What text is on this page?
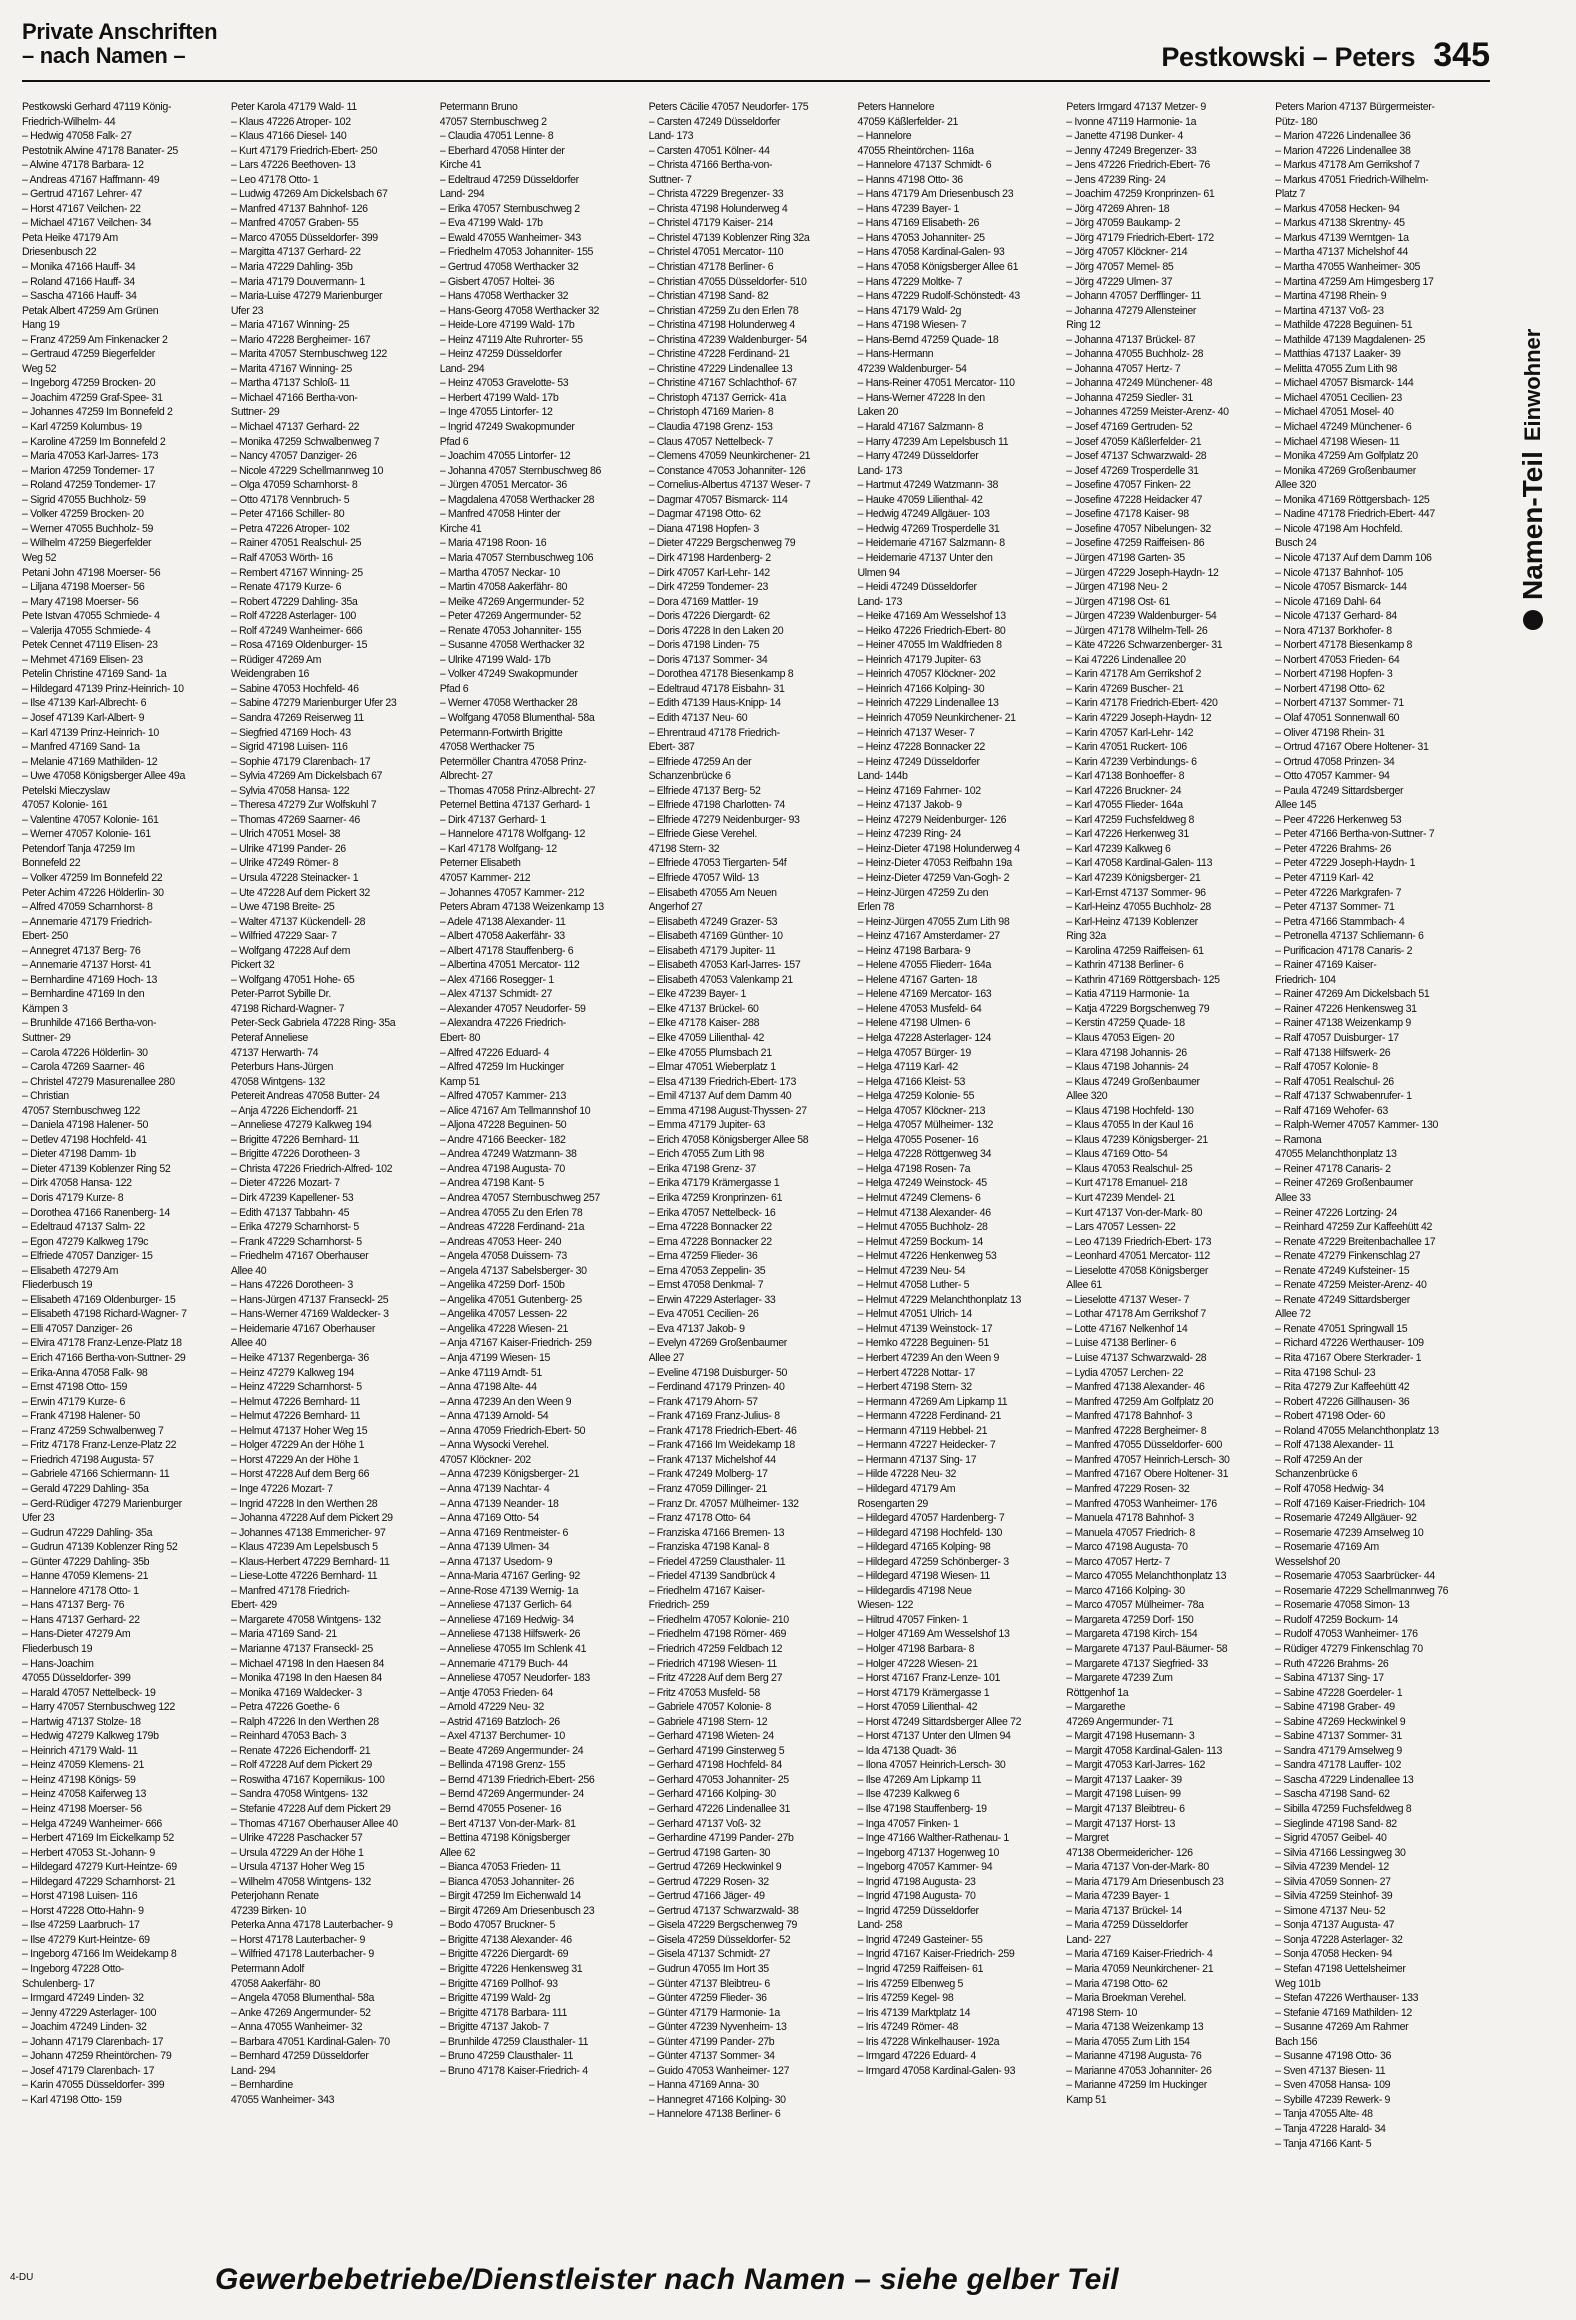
Private Anschriften
– nach Namen –	Pestkowski – Peters 345
Pestkowski Gerhard 47119 König-
Friedrich-Wilhelm- 44
– Hedwig 47058 Falk- 27
Pestotnik Alwine 47178 Banater- 25
– Alwine 47178 Barbara- 12
– Andreas 47167 Haffmann- 49
– Gertrud 47167 Lehrer- 47
– Horst 47167 Veilchen- 22
– Michael 47167 Veilchen- 34
Peta Heike 47179 Am
Driesenbusch 22
– Monika 47166 Hauff- 34
– Roland 47166 Hauff- 34
– Sascha 47166 Hauff- 34
Petak Albert 47259 Am Grünen
Hang 19
– Franz 47259 Am Finkenacker 2
– Gertraud 47259 Biegerfelder
Weg 52
– Ingeborg 47259 Brocken- 20
– Joachim 47259 Graf-Spee- 31
– Johannes 47259 Im Bonnefeld 2
– Karl 47259 Kolumbus- 19
– Karoline 47259 Im Bonnefeld 2
– Maria 47053 Karl-Jarres- 173
– Marion 47259 Tondemer- 17
– Roland 47259 Tondemer- 17
– Sigrid 47055 Buchholz- 59
– Volker 47259 Brocken- 20
– Werner 47055 Buchholz- 59
– Wilhelm 47259 Biegerfelder
Weg 52
Petani John 47198 Moerser- 56
– Liljana 47198 Moerser- 56
– Mary 47198 Moerser- 56
Pete Istvan 47055 Schmiede- 4
– Valerija 47055 Schmiede- 4
Petek Cennet 47119 Elisen- 23
– Mehmet 47169 Elisen- 23
Petelin Christine 47169 Sand- 1a
– Hildegard 47139 Prinz-Heinrich- 10
– Ilse 47139 Karl-Albrecht- 6
– Josef 47139 Karl-Albert- 9
– Karl 47139 Prinz-Heinrich- 10
– Manfred 47169 Sand- 1a
– Melanie 47169 Mathilden- 12
– Uwe 47058 Königsberger Allee 49a
Petelski Mieczyslaw
47057 Kolonie- 161
– Valentine 47057 Kolonie- 161
– Werner 47057 Kolonie- 161
Petendorf Tanja 47259 Im
Bonnefeld 22
– Volker 47259 Im Bonnefeld 22
Peter Achim 47226 Hölderlin- 30
– Alfred 47059 Scharnhorst- 8
– Annemarie 47179 Friedrich-
Ebert- 250
– Annegret 47137 Berg- 76
– Annemarie 47137 Horst- 41
– Bernhardine 47169 Hoch- 13
– Bernhardine 47169 In den
Kämpen 3
– Brunhilde 47166 Bertha-von-
Suttner- 29
– Carola 47226 Hölderlin- 30
– Carola 47269 Saarner- 46
– Christel 47279 Masurenallee 280
– Christian
47057 Sternbuschweg 122
– Daniela 47198 Halener- 50
– Detlev 47198 Hochfeld- 41
– Dieter 47198 Damm- 1b
– Dieter 47139 Koblenzer Ring 52
– Dirk 47058 Hansa- 122
– Doris 47179 Kurze- 8
– Dorothea 47166 Ranenberg- 14
– Edeltraud 47137 Salm- 22
– Egon 47279 Kalkweg 179c
– Elfriede 47057 Danziger- 15
– Elisabeth 47279 Am
Fliederbusch 19
– Elisabeth 47169 Oldenburger- 15
– Elisabeth 47198 Richard-Wagner- 7
– Elli 47057 Danziger- 26
– Elvira 47178 Franz-Lenze-Platz 18
– Erich 47166 Bertha-von-Suttner- 29
– Erika-Anna 47058 Falk- 98
– Ernst 47198 Otto- 159
– Erwin 47179 Kurze- 6
– Frank 47198 Halener- 50
– Franz 47259 Schwalbenweg 7
– Fritz 47178 Franz-Lenze-Platz 22
– Friedrich 47198 Augusta- 57
– Gabriele 47166 Schiermann- 11
– Gerald 47229 Dahling- 35a
– Gerd-Rüdiger 47279 Marienburger
Ufer 23
– Gudrun 47229 Dahling- 35a
– Gudrun 47139 Koblenzer Ring 52
– Günter 47229 Dahling- 35b
– Hanne 47059 Klemens- 21
– Hannelore 47178 Otto- 1
– Hans 47137 Berg- 76
– Hans 47137 Gerhard- 22
– Hans-Dieter 47279 Am
Fliederbusch 19
– Hans-Joachim
47055 Düsseldorfer- 399
– Harald 47057 Nettelbeck- 19
– Harry 47057 Sternbuschweg 122
– Hartwig 47137 Stolze- 18
– Hedwig 47279 Kalkweg 179b
– Heinrich 47179 Wald- 11
– Heinz 47059 Klemens- 21
– Heinz 47198 Königs- 59
– Heinz 47058 Kaiferweg 13
– Heinz 47198 Moerser- 56
– Helga 47249 Wanheimer- 666
– Herbert 47169 Im Eickelkamp 52
– Herbert 47053 St.-Johann- 9
– Hildegard 47279 Kurt-Heintze- 69
– Hildegard 47229 Scharnhorst- 21
– Horst 47198 Luisen- 116
– Horst 47228 Otto-Hahn- 9
– Ilse 47259 Laarbruch- 17
– Ilse 47279 Kurt-Heintze- 69
– Ingeborg 47166 Im Weidekamp 8
– Ingeborg 47228 Otto-
Schulenberg- 17
– Irmgard 47249 Linden- 32
– Jenny 47229 Asterlager- 100
– Joachim 47249 Linden- 32
– Johann 47179 Clarenbach- 17
– Johann 47259 Rheintörchen- 79
– Josef 47179 Clarenbach- 17
– Karin 47055 Düsseldorfer- 399
– Karl 47198 Otto- 159
Peter Karola 47179 Wald- 11
– Klaus 47226 Atroper- 102
– Klaus 47166 Diesel- 140
– Kurt 47179 Friedrich-Ebert- 250
– Lars 47226 Beethoven- 13
– Leo 47178 Otto- 1
– Ludwig 47269 Am Dickelsbach 67
– Manfred 47137 Bahnhof- 126
– Manfred 47057 Graben- 55
– Marco 47055 Düsseldorfer- 399
– Margitta 47137 Gerhard- 22
– Maria 47229 Dahling- 35b
– Maria 47179 Douvermann- 1
– Maria-Luise 47279 Marienburger
Ufer 23
– Maria 47167 Winning- 25
– Mario 47228 Bergheimer- 167
– Marita 47057 Sternbuschweg 122
– Marita 47167 Winning- 25
– Martha 47137 Schloß- 11
– Michael 47166 Bertha-von-
Suttner- 29
– Michael 47137 Gerhard- 22
– Monika 47259 Schwalbenweg 7
– Nancy 47057 Danziger- 26
– Nicole 47229 Schellmannweg 10
– Olga 47059 Scharnhorst- 8
– Otto 47178 Vennbruch- 5
– Peter 47166 Schiller- 80
– Petra 47226 Atroper- 102
– Rainer 47051 Realschul- 25
– Ralf 47053 Wörth- 16
– Rembert 47167 Winning- 25
– Renate 47179 Kurze- 6
– Robert 47229 Dahling- 35a
– Rolf 47228 Asterlager- 100
– Rolf 47249 Wanheimer- 666
– Rosa 47169 Oldenburger- 15
– Rüdiger 47269 Am
Weidengraben 16
– Sabine 47053 Hochfeld- 46
– Sabine 47279 Marienburger Ufer 23
– Sandra 47269 Reiserweg 11
– Siegfried 47169 Hoch- 43
– Sigrid 47198 Luisen- 116
– Sophie 47179 Clarenbach- 17
– Sylvia 47269 Am Dickelsbach 67
– Sylvia 47058 Hansa- 122
– Theresa 47279 Zur Wolfskuhl 7
– Thomas 47269 Saarner- 46
– Ulrich 47051 Mosel- 38
– Ulrike 47199 Pander- 26
– Ulrike 47249 Römer- 8
– Ursula 47228 Steinacker- 1
– Ute 47228 Auf dem Pickert 32
– Uwe 47198 Breite- 25
– Walter 47137 Kückendell- 28
– Wilfried 47229 Saar- 7
– Wolfgang 47228 Auf dem
Pickert 32
– Wolfgang 47051 Hohe- 65
Peter-Parrot Sybille Dr.
47198 Richard-Wagner- 7
Peter-Seck Gabriela 47228 Ring- 35a
Peteraf Anneliese
47137 Herwarth- 74
Peterburs Hans-Jürgen
47058 Wintgens- 132
Petereit Andreas 47058 Butter- 24
– Anja 47226 Eichendorff- 21
– Anneliese 47279 Kalkweg 194
– Brigitte 47226 Bernhard- 11
– Brigitte 47226 Dorotheen- 3
– Christa 47226 Friedrich-Alfred- 102
– Dieter 47226 Mozart- 7
– Dirk 47239 Kapellener- 53
– Edith 47137 Tabbahn- 45
– Erika 47279 Scharnhorst- 5
– Frank 47229 Scharnhorst- 5
– Friedhelm 47167 Oberhauser
Allee 40
– Hans 47226 Dorotheen- 3
– Hans-Jürgen 47137 Franseckl- 25
– Hans-Werner 47169 Waldecker- 3
– Heidemarie 47167 Oberhauser
Allee 40
– Heike 47137 Regenberga- 36
– Heinz 47279 Kalkweg 194
– Heinz 47229 Scharnhorst- 5
– Helmut 47226 Bernhard- 11
– Helmut 47226 Bernhard- 11
– Helmut 47137 Hoher Weg 15
– Holger 47229 An der Höhe 1
– Horst 47229 An der Höhe 1
– Horst 47228 Auf dem Berg 66
– Inge 47226 Mozart- 7
– Ingrid 47228 In den Werthen 28
– Johanna 47228 Auf dem Pickert 29
– Johannes 47138 Emmericher- 97
– Klaus 47239 Am Lepelsbusch 5
– Klaus-Herbert 47229 Bernhard- 11
– Liese-Lotte 47226 Bernhard- 11
– Manfred 47178 Friedrich-
Ebert- 429
– Margarete 47058 Wintgens- 132
– Maria 47169 Sand- 21
– Marianne 47137 Franseckl- 25
– Michael 47198 In den Haesen 84
– Monika 47198 In den Haesen 84
– Monika 47169 Waldecker- 3
– Petra 47226 Goethe- 6
– Ralph 47226 In den Werthen 28
– Reinhard 47053 Bach- 3
– Renate 47226 Eichendorff- 21
– Rolf 47228 Auf dem Pickert 29
– Roswitha 47167 Kopernikus- 100
– Sandra 47058 Wintgens- 132
– Stefanie 47228 Auf dem Pickert 29
– Thomas 47167 Oberhauser Allee 40
– Ulrike 47228 Paschacker 57
– Ursula 47229 An der Höhe 1
– Ursula 47137 Hoher Weg 15
– Wilhelm 47058 Wintgens- 132
Peterjohann Renate
47239 Birken- 10
Peterka Anna 47178 Lauterbacher- 9
– Horst 47178 Lauterbacher- 9
– Wilfried 47178 Lauterbacher- 9
Petermann Adolf
47058 Aakerfähr- 80
– Angela 47058 Blumenthal- 58a
– Anke 47269 Angermunder- 52
– Anna 47055 Wanheimer- 32
– Barbara 47051 Kardinal-Galen- 70
– Bernhard 47259 Düsseldorfer
Land- 294
– Bernhardine
47055 Wanheimer- 343
Petermann Bruno
47057 Sternbuschweg 2
– Claudia 47051 Lenne- 8
– Eberhard 47058 Hinter der
Kirche 41
– Edeltraud 47259 Düsseldorfer
Land- 294
– Erika 47057 Sternbuschweg 2
– Eva 47199 Wald- 17b
– Ewald 47055 Wanheimer- 343
– Friedhelm 47053 Johanniter- 155
– Gertrud 47058 Werthacker 32
– Gisbert 47057 Holtei- 36
– Hans 47058 Werthacker 32
– Hans-Georg 47058 Werthacker 32
– Heide-Lore 47199 Wald- 17b
– Heinz 47119 Alte Ruhrorter- 55
– Heinz 47259 Düsseldorfer
Land- 294
– Heinz 47053 Gravelotte- 53
– Herbert 47199 Wald- 17b
– Inge 47055 Lintorfer- 12
– Ingrid 47249 Swakopmunder
Pfad 6
– Joachim 47055 Lintorfer- 12
– Johanna 47057 Sternbuschweg 86
– Jürgen 47051 Mercator- 36
– Magdalena 47058 Werthacker 28
– Manfred 47058 Hinter der
Kirche 41
– Maria 47198 Roon- 16
– Maria 47057 Sternbuschweg 106
– Martha 47057 Neckar- 10
– Martin 47058 Aakerfähr- 80
– Meike 47269 Angermunder- 52
– Peter 47269 Angermunder- 52
– Renate 47053 Johanniter- 155
– Susanne 47058 Werthacker 32
– Ulrike 47199 Wald- 17b
– Volker 47249 Swakopmunder
Pfad 6
– Werner 47058 Werthacker 28
– Wolfgang 47058 Blumenthal- 58a
Petermann-Fortwirth Brigitte
47058 Werthacker 75
Petermöller Chantra 47058 Prinz-
Albrecht- 27
– Thomas 47058 Prinz-Albrecht- 27
Peternel Bettina 47137 Gerhard- 1
– Dirk 47137 Gerhard- 1
– Hannelore 47178 Wolfgang- 12
– Karl 47178 Wolfgang- 12
Peterner Elisabeth
47057 Kammer- 212
– Johannes 47057 Kammer- 212
Peters Abram 47138 Weizenkamp 13
– Adele 47138 Alexander- 11
– Albert 47058 Aakerfähr- 33
– Albert 47178 Stauffenberg- 6
– Albertina 47051 Mercator- 112
– Alex 47166 Rosegger- 1
– Alex 47137 Schmidt- 27
– Alexander 47057 Neudorfer- 59
– Alexandra 47226 Friedrich-
Ebert- 80
– Alfred 47226 Eduard- 4
– Alfred 47259 Im Huckinger
Kamp 51
– Alfred 47057 Kammer- 213
– Alice 47167 Am Tellmannshof 10
– Aljona 47228 Beguinen- 50
– Andre 47166 Beecker- 182
– Andrea 47249 Watzmann- 38
– Andrea 47198 Augusta- 70
– Andrea 47198 Kant- 5
– Andrea 47057 Sternbuschweg 257
– Andrea 47055 Zu den Erlen 78
– Andreas 47228 Ferdinand- 21a
– Andreas 47053 Heer- 240
– Angela 47058 Duissern- 73
– Angela 47137 Sabelsberger- 30
– Angelika 47259 Dorf- 150b
– Angelika 47051 Gutenberg- 25
– Angelika 47057 Lessen- 22
– Angelika 47228 Wiesen- 21
– Anja 47167 Kaiser-Friedrich- 259
– Anja 47199 Wiesen- 15
– Anke 47119 Arndt- 51
– Anna 47198 Alte- 44
– Anna 47239 An den Ween 9
– Anna 47139 Arnold- 54
– Anna 47059 Friedrich-Ebert- 50
– Anna Wysocki Verehel.
47057 Klöckner- 202
– Anna 47239 Königsberger- 21
– Anna 47139 Nachtar- 4
– Anna 47139 Neander- 18
– Anna 47169 Otto- 54
– Anna 47169 Rentmeister- 6
– Anna 47139 Ulmen- 34
– Anna 47137 Usedom- 9
– Anna-Maria 47167 Gerling- 92
– Anne-Rose 47139 Wernig- 1a
– Anneliese 47137 Gerlich- 64
– Anneliese 47169 Hedwig- 34
– Anneliese 47138 Hilfswerk- 26
– Anneliese 47055 Im Schlenk 41
– Annemarie 47179 Buch- 44
– Anneliese 47057 Neudorfer- 183
– Antje 47053 Frieden- 64
– Arnold 47229 Neu- 32
– Astrid 47169 Batzloch- 26
– Axel 47137 Berchumer- 10
– Beate 47269 Angermunder- 24
– Bellinda 47198 Grenz- 155
– Bernd 47139 Friedrich-Ebert- 256
– Bernd 47269 Angermunder- 24
– Bernd 47055 Posener- 16
– Bert 47137 Von-der-Mark- 81
– Bettina 47198 Königsberger
Allee 62
– Bianca 47053 Frieden- 11
– Bianca 47053 Johanniter- 26
– Birgit 47259 Im Eichenwald 14
– Birgit 47269 Am Driesenbusch 23
– Bodo 47057 Bruckner- 5
– Brigitte 47138 Alexander- 46
– Brigitte 47226 Diergardt- 69
– Brigitte 47226 Henkensweg 31
– Brigitte 47169 Pollhof- 93
– Brigitte 47199 Wald- 2g
– Brigitte 47178 Barbara- 111
– Brigitte 47137 Jakob- 7
– Brunhilde 47259 Clausthaler- 11
– Bruno 47259 Clausthaler- 11
– Bruno 47178 Kaiser-Friedrich- 4
Peters Cäcilie 47057 Neudorfer- 175
– Carsten 47249 Düsseldorfer
Land- 173
– Carsten 47051 Kölner- 44
– Christa 47166 Bertha-von-
Suttner- 7
– Christa 47229 Bregenzer- 33
– Christa 47198 Holunderweg 4
– Christel 47179 Kaiser- 214
– Christel 47139 Koblenzer Ring 32a
– Christel 47051 Mercator- 110
– Christian 47178 Berliner- 6
– Christian 47055 Düsseldorfer- 510
– Christian 47198 Sand- 82
– Christian 47259 Zu den Erlen 78
– Christina 47198 Holunderweg 4
– Christina 47239 Waldenburger- 54
– Christine 47228 Ferdinand- 21
– Christine 47229 Lindenallee 13
– Christine 47167 Schlachthof- 67
– Christoph 47137 Gerrick- 41a
– Christoph 47169 Marien- 8
– Claudia 47198 Grenz- 153
– Claus 47057 Nettelbeck- 7
– Clemens 47059 Neunkirchener- 21
– Constance 47053 Johanniter- 126
– Cornelius-Albertus 47137 Weser- 7
– Dagmar 47057 Bismarck- 114
– Dagmar 47198 Otto- 62
– Diana 47198 Hopfen- 3
– Dieter 47229 Bergschenweg 79
– Dirk 47198 Hardenberg- 2
– Dirk 47057 Karl-Lehr- 142
– Dirk 47259 Tondemer- 23
– Dora 47169 Mattler- 19
– Doris 47226 Diergardt- 62
– Doris 47228 In den Laken 20
– Doris 47198 Linden- 75
– Doris 47137 Sommer- 34
– Dorothea 47178 Biesenkamp 8
– Edeltraud 47178 Eisbahn- 31
– Edith 47139 Haus-Knipp- 14
– Edith 47137 Neu- 60
– Ehrentraud 47178 Friedrich-
Ebert- 387
– Elfriede 47259 An der
Schanzenbrücke 6
– Elfriede 47137 Berg- 52
– Elfriede 47198 Charlotten- 74
– Elfriede 47279 Neidenburger- 93
– Elfriede Giese Verehel.
47198 Stern- 32
– Elfriede 47053 Tiergarten- 54f
– Elfriede 47057 Wild- 13
– Elisabeth 47055 Am Neuen
Angerhof 27
– Elisabeth 47249 Grazer- 53
– Elisabeth 47169 Günther- 10
– Elisabeth 47179 Jupiter- 11
– Elisabeth 47053 Karl-Jarres- 157
– Elisabeth 47053 Valenkamp 21
– Elke 47239 Bayer- 1
– Elke 47137 Brückel- 60
– Elke 47178 Kaiser- 288
– Elke 47059 Lilienthal- 42
– Elke 47055 Plumsbach 21
– Elmar 47051 Wieberplatz 1
– Elsa 47139 Friedrich-Ebert- 173
– Emil 47137 Auf dem Damm 40
– Emma 47198 August-Thyssen- 27
– Emma 47179 Jupiter- 63
– Erich 47058 Königsberger Allee 58
– Erich 47055 Zum Lith 98
– Erika 47198 Grenz- 37
– Erika 47179 Krämergasse 1
– Erika 47259 Kronprinzen- 61
– Erika 47057 Nettelbeck- 16
– Erna 47228 Bonnacker 22
– Erna 47228 Bonnacker 22
– Erna 47259 Flieder- 36
– Erna 47053 Zeppelin- 35
– Ernst 47058 Denkmal- 7
– Erwin 47229 Asterlager- 33
– Eva 47051 Cecilien- 26
– Eva 47137 Jakob- 9
– Evelyn 47269 Großenbaumer
Allee 27
– Eveline 47198 Duisburger- 50
– Ferdinand 47179 Prinzen- 40
– Frank 47179 Ahorn- 57
– Frank 47169 Franz-Julius- 8
– Frank 47178 Friedrich-Ebert- 46
– Frank 47166 Im Weidekamp 18
– Frank 47137 Michelshof 44
– Frank 47249 Molberg- 17
– Franz 47059 Dillinger- 21
– Franz Dr. 47057 Mülheimer- 132
– Franz 47178 Otto- 64
– Franziska 47166 Bremen- 13
– Franziska 47198 Kanal- 8
– Friedel 47259 Clausthaler- 11
– Friedel 47139 Sandbrück 4
– Friedhelm 47167 Kaiser-
Friedrich- 259
– Friedhelm 47057 Kolonie- 210
– Friedhelm 47198 Römer- 469
– Friedrich 47259 Feldbach 12
– Friedrich 47198 Wiesen- 11
– Fritz 47228 Auf dem Berg 27
– Fritz 47053 Musfeld- 58
– Gabriele 47057 Kolonie- 8
– Gabriele 47198 Stern- 12
– Gerhard 47198 Wieten- 24
– Gerhard 47199 Ginsterweg 5
– Gerhard 47198 Hochfeld- 84
– Gerhard 47053 Johanniter- 25
– Gerhard 47166 Kolping- 30
– Gerhard 47226 Lindenallee 31
– Gerhard 47137 Voß- 32
– Gerhardine 47199 Pander- 27b
– Gertrud 47198 Garten- 30
– Gertrud 47269 Heckwinkel 9
– Gertrud 47229 Rosen- 32
– Gertrud 47166 Jäger- 49
– Gertrud 47137 Schwarzwald- 38
– Gisela 47229 Bergschenweg 79
– Gisela 47259 Düsseldorfer- 52
– Gisela 47137 Schmidt- 27
– Gudrun 47055 Im Hort 35
– Günter 47137 Bleibtreu- 6
– Günter 47259 Flieder- 36
– Günter 47179 Harmonie- 1a
– Günter 47239 Nyvenheim- 13
– Günter 47199 Pander- 27b
– Günter 47137 Sommer- 34
– Guido 47053 Wanheimer- 127
– Hanna 47169 Anna- 30
– Hannegret 47166 Kolping- 30
– Hannelore 47138 Berliner- 6
Peters Hannelore
47059 Käßlerfelder- 21
– Hannelore
47055 Rheintörchen- 116a
– Hannelore 47137 Schmidt- 6
– Hanns 47198 Otto- 36
– Hans 47179 Am Driesenbusch 23
– Hans 47239 Bayer- 1
– Hans 47169 Elisabeth- 26
– Hans 47053 Johanniter- 25
– Hans 47058 Kardinal-Galen- 93
– Hans 47058 Königsberger Allee 61
– Hans 47229 Moltke- 7
– Hans 47229 Rudolf-Schönstedt- 43
– Hans 47179 Wald- 2g
– Hans 47198 Wiesen- 7
– Hans-Bernd 47259 Quade- 18
– Hans-Hermann
47239 Waldenburger- 54
– Hans-Reiner 47051 Mercator- 110
– Hans-Werner 47228 In den
Laken 20
– Harald 47167 Salzmann- 8
– Harry 47239 Am Lepelsbusch 11
– Harry 47249 Düsseldorfer
Land- 173
– Hartmut 47249 Watzmann- 38
– Hauke 47059 Lilienthal- 42
– Hedwig 47249 Allgäuer- 103
– Hedwig 47269 Trosperdelle 31
– Heidemarie 47167 Salzmann- 8
– Heidemarie 47137 Unter den
Ulmen 94
– Heidi 47249 Düsseldorfer
Land- 173
– Heike 47169 Am Wesselshof 13
– Heiko 47226 Friedrich-Ebert- 80
– Heiner 47055 Im Waldfrieden 8
– Heinrich 47179 Jupiter- 63
– Heinrich 47057 Klöckner- 202
– Heinrich 47166 Kolping- 30
– Heinrich 47229 Lindenallee 13
– Heinrich 47059 Neunkirchener- 21
– Heinrich 47137 Weser- 7
– Heinz 47228 Bonnacker 22
– Heinz 47249 Düsseldorfer
Land- 144b
– Heinz 47169 Fahrner- 102
– Heinz 47137 Jakob- 9
– Heinz 47279 Neidenburger- 126
– Heinz 47239 Ring- 24
– Heinz-Dieter 47198 Holunderweg 4
– Heinz-Dieter 47053 Reifbahn 19a
– Heinz-Dieter 47259 Van-Gogh- 2
– Heinz-Jürgen 47259 Zu den
Erlen 78
– Heinz-Jürgen 47055 Zum Lith 98
– Heinz 47167 Amsterdamer- 27
– Heinz 47198 Barbara- 9
– Helene 47055 Fliederr- 164a
– Helene 47167 Garten- 18
– Helene 47169 Mercator- 163
– Helene 47053 Musfeld- 64
– Helene 47198 Ulmen- 6
– Helga 47228 Asterlager- 124
– Helga 47057 Bürger- 19
– Helga 47119 Karl- 42
– Helga 47166 Kleist- 53
– Helga 47259 Kolonie- 55
– Helga 47057 Klöckner- 213
– Helga 47057 Mülheimer- 132
– Helga 47055 Posener- 16
– Helga 47228 Röttgenweg 34
– Helga 47198 Rosen- 7a
– Helga 47249 Weinstock- 45
– Helmut 47249 Clemens- 6
– Helmut 47138 Alexander- 46
– Helmut 47055 Buchholz- 28
– Helmut 47259 Bockum- 14
– Helmut 47226 Henkenweg 53
– Helmut 47239 Neu- 54
– Helmut 47058 Luther- 5
– Helmut 47229 Melanchthonplatz 13
– Helmut 47051 Ulrich- 14
– Helmut 47139 Weinstock- 17
– Hemko 47228 Beguinen- 51
– Herbert 47239 An den Ween 9
– Herbert 47228 Nottar- 17
– Herbert 47198 Stern- 32
– Hermann 47269 Am Lipkamp 11
– Hermann 47228 Ferdinand- 21
– Hermann 47119 Hebbel- 21
– Hermann 47227 Heidecker- 7
– Hermann 47137 Sing- 17
– Hilde 47228 Neu- 32
– Hildegard 47179 Am
Rosengarten 29
– Hildegard 47057 Hardenberg- 7
– Hildegard 47198 Hochfeld- 130
– Hildegard 47165 Kolping- 98
– Hildegard 47259 Schönberger- 3
– Hildegard 47198 Wiesen- 11
– Hildegardis 47198 Neue
Wiesen- 122
– Hiltrud 47057 Finken- 1
– Holger 47169 Am Wesselshof 13
– Holger 47198 Barbara- 8
– Holger 47228 Wiesen- 21
– Horst 47167 Franz-Lenze- 101
– Horst 47179 Krämergasse 1
– Horst 47059 Lilienthal- 42
– Horst 47249 Sittardsberger Allee 72
– Horst 47137 Unter den Ulmen 94
– Ida 47138 Quadt- 36
– Ilona 47057 Heinrich-Lersch- 30
– Ilse 47269 Am Lipkamp 11
– Ilse 47239 Kalkweg 6
– Ilse 47198 Stauffenberg- 19
– Inga 47057 Finken- 1
– Inge 47166 Walther-Rathenau- 1
– Ingeborg 47137 Hogenweg 10
– Ingeborg 47057 Kammer- 94
– Ingrid 47198 Augusta- 23
– Ingrid 47198 Augusta- 70
– Ingrid 47259 Düsseldorfer
Land- 258
– Ingrid 47249 Gasteiner- 55
– Ingrid 47167 Kaiser-Friedrich- 259
– Ingrid 47259 Raiffeisen- 61
– Iris 47259 Elbenweg 5
– Iris 47259 Kegel- 98
– Iris 47139 Marktplatz 14
– Iris 47249 Römer- 48
– Iris 47228 Winkelhauser- 192a
– Irmgard 47226 Eduard- 4
– Irmgard 47058 Kardinal-Galen- 93
Peters Irmgard 47137 Metzer- 9
– Ivonne 47119 Harmonie- 1a
– Janette 47198 Dunker- 4
– Jenny 47249 Bregenzer- 33
– Jens 47226 Friedrich-Ebert- 76
– Jens 47239 Ring- 24
– Joachim 47259 Kronprinzen- 61
– Jörg 47269 Ahren- 18
– Jörg 47059 Baukamp- 2
– Jörg 47179 Friedrich-Ebert- 172
– Jörg 47057 Klöckner- 214
– Jörg 47057 Memel- 85
– Jörg 47229 Ulmen- 37
– Johann 47057 Derfflinger- 11
– Johanna 47279 Allensteiner
Ring 12
– Johanna 47137 Brückel- 87
– Johanna 47055 Buchholz- 28
– Johanna 47057 Hertz- 7
– Johanna 47249 Münchener- 48
– Johanna 47259 Siedler- 31
– Johannes 47259 Meister-Arenz- 40
– Josef 47169 Gertruden- 52
– Josef 47059 Käßlerfelder- 21
– Josef 47137 Schwarzwald- 28
– Josef 47269 Trosperdelle 31
– Josefine 47057 Finken- 22
– Josefine 47228 Heidacker 47
– Josefine 47178 Kaiser- 98
– Josefine 47057 Nibelungen- 32
– Josefine 47259 Raiffeisen- 86
– Jürgen 47198 Garten- 35
– Jürgen 47229 Joseph-Haydn- 12
– Jürgen 47198 Neu- 2
– Jürgen 47198 Ost- 61
– Jürgen 47239 Waldenburger- 54
– Jürgen 47178 Wilhelm-Tell- 26
– Käte 47226 Schwarzenberger- 31
– Kai 47226 Lindenallee 20
– Karin 47178 Am Gerrikshof 2
– Karin 47269 Buscher- 21
– Karin 47178 Friedrich-Ebert- 420
– Karin 47229 Joseph-Haydn- 12
– Karin 47057 Karl-Lehr- 142
– Karin 47051 Ruckert- 106
– Karin 47239 Verbindungs- 6
– Karl 47138 Bonhoeffer- 8
– Karl 47226 Bruckner- 24
– Karl 47055 Flieder- 164a
– Karl 47259 Fuchsfeldweg 8
– Karl 47226 Herkenweg 31
– Karl 47239 Kalkweg 6
– Karl 47058 Kardinal-Galen- 113
– Karl 47239 Königsberger- 21
– Karl-Ernst 47137 Sommer- 96
– Karl-Heinz 47055 Buchholz- 28
– Karl-Heinz 47139 Koblenzer
Ring 32a
– Karolina 47259 Raiffeisen- 61
– Kathrin 47138 Berliner- 6
– Kathrin 47169 Röttgersbach- 125
– Katia 47119 Harmonie- 1a
– Katja 47229 Borgschenweg 79
– Kerstin 47259 Quade- 18
– Klaus 47053 Eigen- 20
– Klara 47198 Johannis- 26
– Klaus 47198 Johannis- 24
– Klaus 47249 Großenbaumer
Allee 320
– Klaus 47198 Hochfeld- 130
– Klaus 47055 In der Kaul 16
– Klaus 47239 Königsberger- 21
– Klaus 47169 Otto- 54
– Klaus 47053 Realschul- 25
– Kurt 47178 Emanuel- 218
– Kurt 47239 Mendel- 21
– Kurt 47137 Von-der-Mark- 80
– Lars 47057 Lessen- 22
– Leo 47139 Friedrich-Ebert- 173
– Leonhard 47051 Mercator- 112
– Lieselotte 47058 Königsberger
Allee 61
– Lieselotte 47137 Weser- 7
– Lothar 47178 Am Gerrikshof 7
– Lotte 47167 Nelkenhof 14
– Luise 47138 Berliner- 6
– Luise 47137 Schwarzwald- 28
– Lydia 47057 Lerchen- 22
– Manfred 47138 Alexander- 46
– Manfred 47259 Am Golfplatz 20
– Manfred 47178 Bahnhof- 3
– Manfred 47228 Bergheimer- 8
– Manfred 47055 Düsseldorfer- 600
– Manfred 47057 Heinrich-Lersch- 30
– Manfred 47167 Obere Holtener- 31
– Manfred 47229 Rosen- 32
– Manfred 47053 Wanheimer- 176
– Manuela 47178 Bahnhof- 3
– Manuela 47057 Friedrich- 8
– Marco 47198 Augusta- 70
– Marco 47057 Hertz- 7
– Marco 47055 Melanchthonplatz 13
– Marco 47166 Kolping- 30
– Marco 47057 Mülheimer- 78a
– Margareta 47259 Dorf- 150
– Margareta 47198 Kirch- 154
– Margarete 47137 Paul-Bäumer- 58
– Margarete 47137 Siegfried- 33
– Margarete 47239 Zum
Röttgenhof 1a
– Margarethe
47269 Angermunder- 71
– Margit 47198 Husemann- 3
– Margit 47058 Kardinal-Galen- 113
– Margit 47053 Karl-Jarres- 162
– Margit 47137 Laaker- 39
– Margit 47198 Luisen- 99
– Margit 47137 Bleibtreu- 6
– Margit 47137 Horst- 13
– Margret
47138 Obermeidericher- 126
– Maria 47137 Von-der-Mark- 80
– Maria 47179 Am Driesenbusch 23
– Maria 47239 Bayer- 1
– Maria 47137 Brückel- 14
– Maria 47259 Düsseldorfer
Land- 227
– Maria 47169 Kaiser-Friedrich- 4
– Maria 47059 Neunkirchener- 21
– Maria 47198 Otto- 62
– Maria Broekman Verehel.
47198 Stern- 10
– Maria 47138 Weizenkamp 13
– Maria 47055 Zum Lith 154
– Marianne 47198 Augusta- 76
– Marianne 47053 Johanniter- 26
– Marianne 47259 Im Huckinger
Kamp 51
Peters Marion 47137 Bürgermeister-
Pütz- 180
– Marion 47226 Lindenallee 36
– Marion 47226 Lindenallee 38
– Markus 47178 Am Gerrikshof 7
– Markus 47051 Friedrich-Wilhelm-
Platz 7
– Markus 47058 Hecken- 94
– Markus 47138 Skrentny- 45
– Markus 47139 Werntgen- 1a
– Martha 47137 Michelshof 44
– Martha 47055 Wanheimer- 305
– Martina 47259 Am Himgesberg 17
– Martina 47198 Rhein- 9
– Martina 47137 Voß- 23
– Mathilde 47228 Beguinen- 51
– Mathilde 47139 Magdalenen- 25
– Matthias 47137 Laaker- 39
– Melitta 47055 Zum Lith 98
– Michael 47057 Bismarck- 144
– Michael 47051 Cecilien- 23
– Michael 47051 Mosel- 40
– Michael 47249 Münchener- 6
– Michael 47198 Wiesen- 11
– Monika 47259 Am Golfplatz 20
– Monika 47269 Großenbaumer
Allee 320
– Monika 47169 Röttgersbach- 125
– Nadine 47178 Friedrich-Ebert- 447
– Nicole 47198 Am Hochfeld.
Busch 24
– Nicole 47137 Auf dem Damm 106
– Nicole 47137 Bahnhof- 105
– Nicole 47057 Bismarck- 144
– Nicole 47169 Dahl- 64
– Nicole 47137 Gerhard- 84
– Nora 47137 Borkhofer- 8
– Norbert 47178 Biesenkamp 8
– Norbert 47053 Frieden- 64
– Norbert 47198 Hopfen- 3
– Norbert 47198 Otto- 62
– Norbert 47137 Sommer- 71
– Olaf 47051 Sonnenwall 60
– Oliver 47198 Rhein- 31
– Ortrud 47167 Obere Holtener- 31
– Ortrud 47058 Prinzen- 34
– Otto 47057 Kammer- 94
– Paula 47249 Sittardsberger
Allee 145
– Peer 47226 Herkenweg 53
– Peter 47166 Bertha-von-Suttner- 7
– Peter 47226 Brahms- 26
– Peter 47229 Joseph-Haydn- 1
– Peter 47119 Karl- 42
– Peter 47226 Markgrafen- 7
– Peter 47137 Sommer- 71
– Petra 47166 Stammbach- 4
– Petronella 47137 Schliemann- 6
– Purificacion 47178 Canaris- 2
– Rainer 47169 Kaiser-
Friedrich- 104
– Rainer 47269 Am Dickelsbach 51
– Rainer 47226 Henkensweg 31
– Rainer 47138 Weizenkamp 9
– Ralf 47057 Duisburger- 17
– Ralf 47138 Hilfswerk- 26
– Ralf 47057 Kolonie- 8
– Ralf 47051 Realschul- 26
– Ralf 47137 Schwabenrufer- 1
– Ralf 47169 Wehofer- 63
– Ralph-Werner 47057 Kammer- 130
– Ramona
47055 Melanchthonplatz 13
– Reiner 47178 Canaris- 2
– Reiner 47269 Großenbaumer
Allee 33
– Reiner 47226 Lortzing- 24
– Reinhard 47259 Zur Kaffeehütt 42
– Renate 47229 Breitenbachallee 17
– Renate 47279 Finkenschlag 27
– Renate 47249 Kufsteiner- 15
– Renate 47259 Meister-Arenz- 40
– Renate 47249 Sittardsberger
Allee 72
– Renate 47051 Springwall 15
– Richard 47226 Werthauser- 109
– Rita 47167 Obere Sterkrader- 1
– Rita 47198 Schul- 23
– Rita 47279 Zur Kaffeehütt 42
– Robert 47226 Gillhausen- 36
– Robert 47198 Oder- 60
– Roland 47055 Melanchthonplatz 13
– Rolf 47138 Alexander- 11
– Rolf 47259 An der
Schanzenbrücke 6
– Rolf 47058 Hedwig- 34
– Rolf 47169 Kaiser-Friedrich- 104
– Rosemarie 47249 Allgäuer- 92
– Rosemarie 47239 Amselweg 10
– Rosemarie 47169 Am
Wesselshof 20
– Rosemarie 47053 Saarbrücker- 44
– Rosemarie 47229 Schellmannweg 76
– Rosemarie 47058 Simon- 13
– Rudolf 47259 Bockum- 14
– Rudolf 47053 Wanheimer- 176
– Rüdiger 47279 Finkenschlag 70
– Ruth 47226 Brahms- 26
– Sabina 47137 Sing- 17
– Sabine 47228 Goerdeler- 1
– Sabine 47198 Graber- 49
– Sabine 47269 Heckwinkel 9
– Sabine 47137 Sommer- 31
– Sandra 47179 Amselweg 9
– Sandra 47178 Lauffer- 102
– Sascha 47229 Lindenallee 13
– Sascha 47198 Sand- 62
– Sibilla 47259 Fuchsfeldweg 8
– Sieglinde 47198 Sand- 82
– Sigrid 47057 Geibel- 40
– Silvia 47166 Lessingweg 30
– Silvia 47239 Mendel- 12
– Silvia 47059 Sonnen- 27
– Silvia 47259 Steinhof- 39
– Simone 47137 Neu- 52
– Sonja 47137 Augusta- 47
– Sonja 47228 Asterlager- 32
– Sonja 47058 Hecken- 94
– Stefan 47198 Uettelsheimer
Weg 101b
– Stefan 47226 Werthauser- 133
– Stefanie 47169 Mathilden- 12
– Susanne 47269 Am Rahmer
Bach 156
– Susanne 47198 Otto- 36
– Sven 47137 Biesen- 11
– Sven 47058 Hansa- 109
– Sybille 47239 Rewerk- 9
– Tanja 47055 Alte- 48
– Tanja 47228 Harald- 34
– Tanja 47166 Kant- 5
Namen-Teil
Einwohner
4-DU	Gewerbebetriebe/Dienstleister nach Namen – siehe gelber Teil
